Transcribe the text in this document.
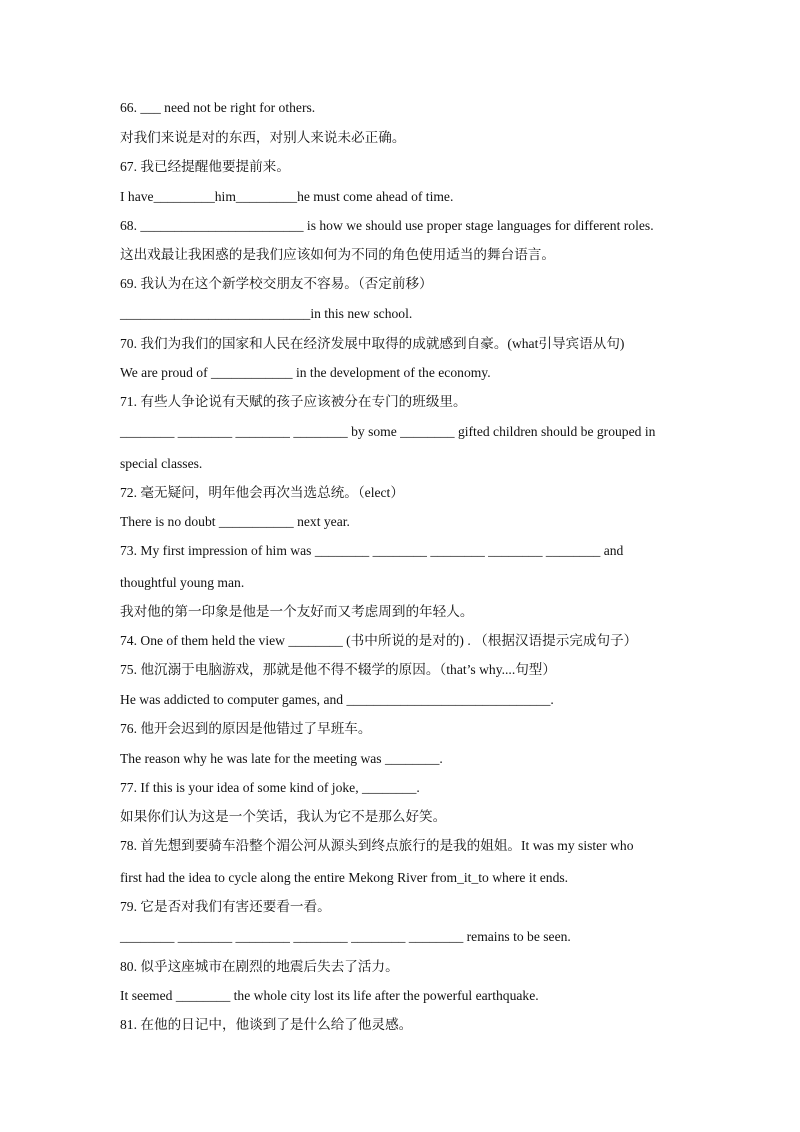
66. ___ need not be right for others.
对我们来说是对的东西，对别人来说未必正确。
67. 我已经提醒他要提前来。
I have_________him_________he must come ahead of time.
68. ________________________ is how we should use proper stage languages for different roles.
这出戏最让我困惑的是我们应该如何为不同的角色使用适当的舞台语言。
69. 我认为在这个新学校交朋友不容易。（否定前移）
____________________________in this new school.
70. 我们为我们的国家和人民在经济发展中取得的成就感到自豪。(what引导宾语从句)
We are proud of ____________ in the development of the economy.
71. 有些人争论说有天赋的孩子应该被分在专门的班级里。
________ ________ ________ ________ by some ________ gifted children should be grouped in
special classes.
72. 毫无疑问，明年他会再次当选总统。（elect）
There is no doubt ___________ next year.
73. My first impression of him was ________ ________ ________ ________ ________ and
thoughtful young man.
我对他的第一印象是他是一个友好而又考虑周到的年轻人。
74. One of them held the view ________ (书中所说的是对的) . （根据汉语提示完成句子）
75. 他沉溺于电脑游戏，那就是他不得不辍学的原因。（that’s why....句型）
He was addicted to computer games, and ______________________________.
76. 他开会迟到的原因是他错过了早班车。
The reason why he was late for the meeting was ________.
77. If this is your idea of some kind of joke, ________.
如果你们认为这是一个笑话，我认为它不是那么好笑。
78. 首先想到要骑车沿整个湄公河从源头到终点旅行的是我的姐姐。It was my sister who
first had the idea to cycle along the entire Mekong River from_it_to where it ends.
79. 它是否对我们有害还要看一看。
________ ________ ________ ________ ________ ________ remains to be seen.
80. 似乎这座城市在剧烈的地震后失去了活力。
It seemed ________ the whole city lost its life after the powerful earthquake.
81. 在他的日记中，他谈到了是什么给了他灵感。
